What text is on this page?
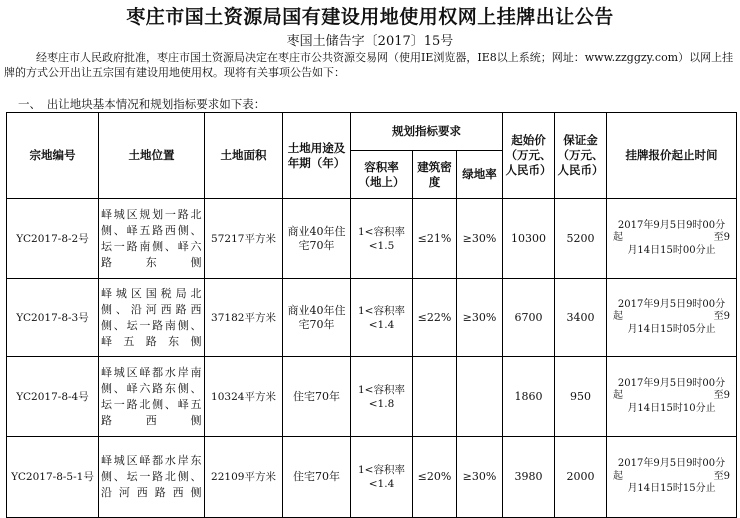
枣庄市国土资源局国有建设用地使用权网上挂牌出让公告
枣国土储告字〔2017〕15号
经枣庄市人民政府批准，枣庄市国土资源局决定在枣庄市公共资源交易网（使用IE浏览器，IE8以上系统；网址：www.zzggzy.com）以网上挂牌的方式公开出让五宗国有建设用地使用权。现将有关事项公告如下：
一、　出让地块基本情况和规划指标要求如下表：
宗地编号	土地位置	土地面积	土地用途及年期（年）	规划指标要求			起始价（万元、人民币）	保证金（万元、人民币）	挂牌报价起止时间
				容积率（地上）	建筑密度	绿地率			
YC2017-8-2号	峄城区规划一路北侧、峄五路西侧、坛一路南侧、峄六路东侧	57217平方米	商业40年住宅70年	1<容积率<1.5	≤21%	≥30%	10300	5200	2017年9月5日9时00分
起 至9
月14日15时00分止

YC2017-8-3号	峄城区国税局北侧、沿河西路西侧、坛一路南侧、峄五路东侧	37182平方米	商业40年住宅70年	1<容积率<1.4	≤22%	≥30%	6700	3400	2017年9月5日9时00分
起 至9
月14日15时05分止

YC2017-8-4号	峄城区峄都水岸南侧、峄六路东侧、坛一路北侧、峄五路西侧	10324平方米	住宅70年	1<容积率<1.8			1860	950	2017年9月5日9时00分
起 至9
月14日15时10分止

YC2017-8-5-1号	峄城区峄都水岸东侧、坛一路北侧、沿河西路西侧	22109平方米	住宅70年	1<容积率<1.4	≤20%	≥30%	3980	2000	2017年9月5日9时00分
起 至9
月14日15时15分止
